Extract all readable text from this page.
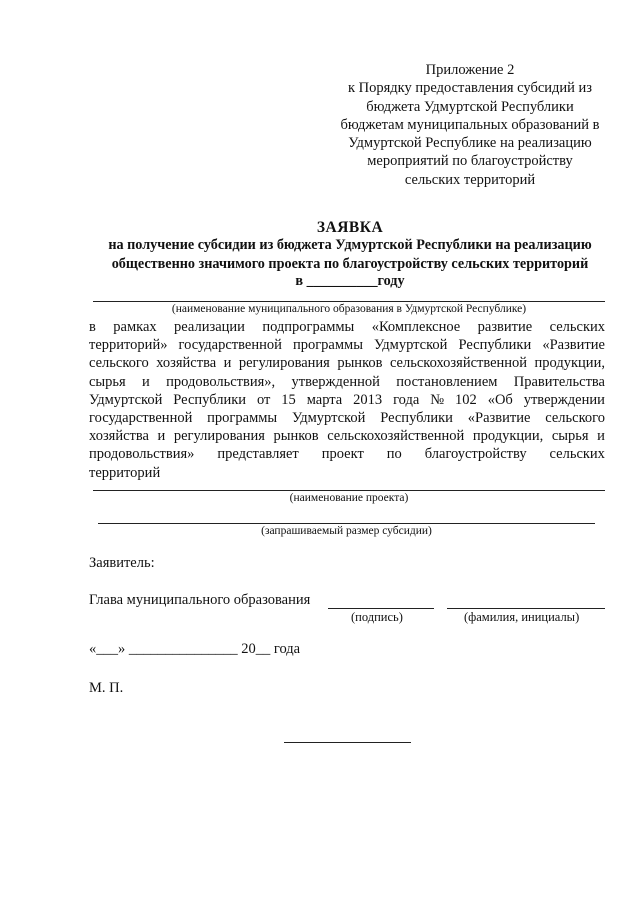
Приложение 2
к Порядку предоставления субсидий из
бюджета Удмуртской Республики
бюджетам муниципальных образований в
Удмуртской Республике на реализацию
мероприятий по благоустройству
сельских территорий
ЗАЯВКА
на получение субсидии из бюджета Удмуртской Республики на реализацию
общественно значимого проекта по благоустройству сельских территорий
в __________году
(наименование муниципального образования в Удмуртской Республике)
в рамках реализации подпрограммы «Комплексное развитие сельских
территорий» государственной программы Удмуртской Республики «Развитие
сельского хозяйства и регулирования рынков сельскохозяйственной продукции,
сырья и продовольствия», утвержденной постановлением Правительства
Удмуртской Республики от 15 марта 2013 года № 102 «Об утверждении
государственной программы Удмуртской Республики «Развитие сельского
хозяйства и регулирования рынков сельскохозяйственной продукции, сырья и
продовольствия» представляет проект по благоустройству сельских
территорий
(наименование проекта)
(запрашиваемый размер субсидии)
Заявитель:
Глава муниципального образования
(подпись)	(фамилия, инициалы)
«___» _______________ 20__ года
М. П.
